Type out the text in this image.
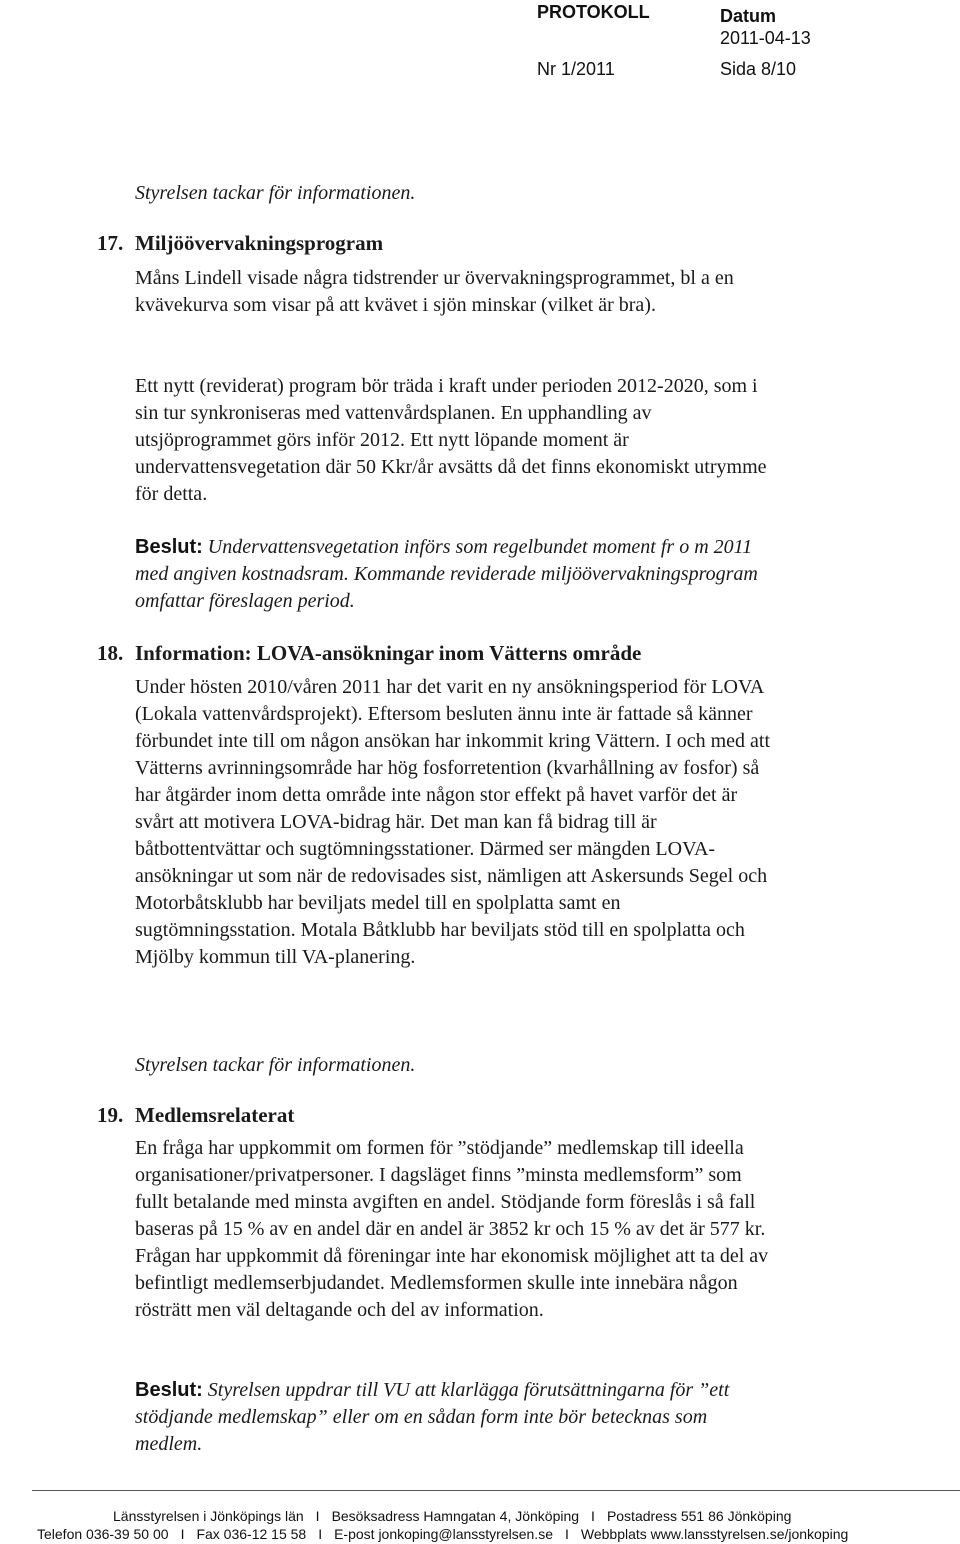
PROTOKOLL	Datum
2011-04-13
Nr 1/2011	Sida 8/10

Styrelsen tackar för informationen.

17. Miljöövervakningsprogram

Måns Lindell visade några tidstrender ur övervakningsprogrammet, bl a en kvävekurva som visar på att kvävet i sjön minskar (vilket är bra).

Ett nytt (reviderat) program bör träda i kraft under perioden 2012-2020, som i sin tur synkroniseras med vattenvårdsplanen. En upphandling av utsjöprogrammet görs inför 2012. Ett nytt löpande moment är undervattensvegetation där 50 Kkr/år avsätts då det finns ekonomiskt utrymme för detta.

Beslut: Undervattensvegetation införs som regelbundet moment fr o m 2011 med angiven kostnadsram. Kommande reviderade miljöövervakningsprogram omfattar föreslagen period.

18. Information: LOVA-ansökningar inom Vätterns område

Under hösten 2010/våren 2011 har det varit en ny ansökningsperiod för LOVA (Lokala vattenvårdsprojekt). Eftersom besluten ännu inte är fattade så känner förbundet inte till om någon ansökan har inkommit kring Vättern. I och med att Vätterns avrinningsområde har hög fosforretention (kvarhållning av fosfor) så har åtgärder inom detta område inte någon stor effekt på havet varför det är svårt att motivera LOVA-bidrag här. Det man kan få bidrag till är båtbottentvättar och sugtömningsstationer. Därmed ser mängden LOVA-ansökningar ut som när de redovisades sist, nämligen att Askersunds Segel och Motorbåtsklubb har beviljats medel till en spolplatta samt en sugtömningsstation. Motala Båtklubb har beviljats stöd till en spolplatta och Mjölby kommun till VA-planering.

Styrelsen tackar för informationen.

19. Medlemsrelaterat

En fråga har uppkommit om formen för ”stödjande” medlemskap till ideella organisationer/privatpersoner. I dagsläget finns ”minsta medlemsform” som fullt betalande med minsta avgiften en andel. Stödjande form föreslås i så fall baseras på 15 % av en andel där en andel är 3852 kr och 15 % av det är 577 kr. Frågan har uppkommit då föreningar inte har ekonomisk möjlighet att ta del av befintligt medlemserbjudandet. Medlemsformen skulle inte innebära någon rösträtt men väl deltagande och del av information.

Beslut: Styrelsen uppdrar till VU att klarlägga förutsättningarna för ”ett stödjande medlemskap” eller om en sådan form inte bör betecknas som medlem.

Länsstyrelsen i Jönköpings län I Besöksadress Hamngatan 4, Jönköping I Postadress 551 86 Jönköping
Telefon 036-39 50 00 I Fax 036-12 15 58 I E-post jonkoping@lansstyrelsen.se I Webbplats www.lansstyrelsen.se/jonkoping
